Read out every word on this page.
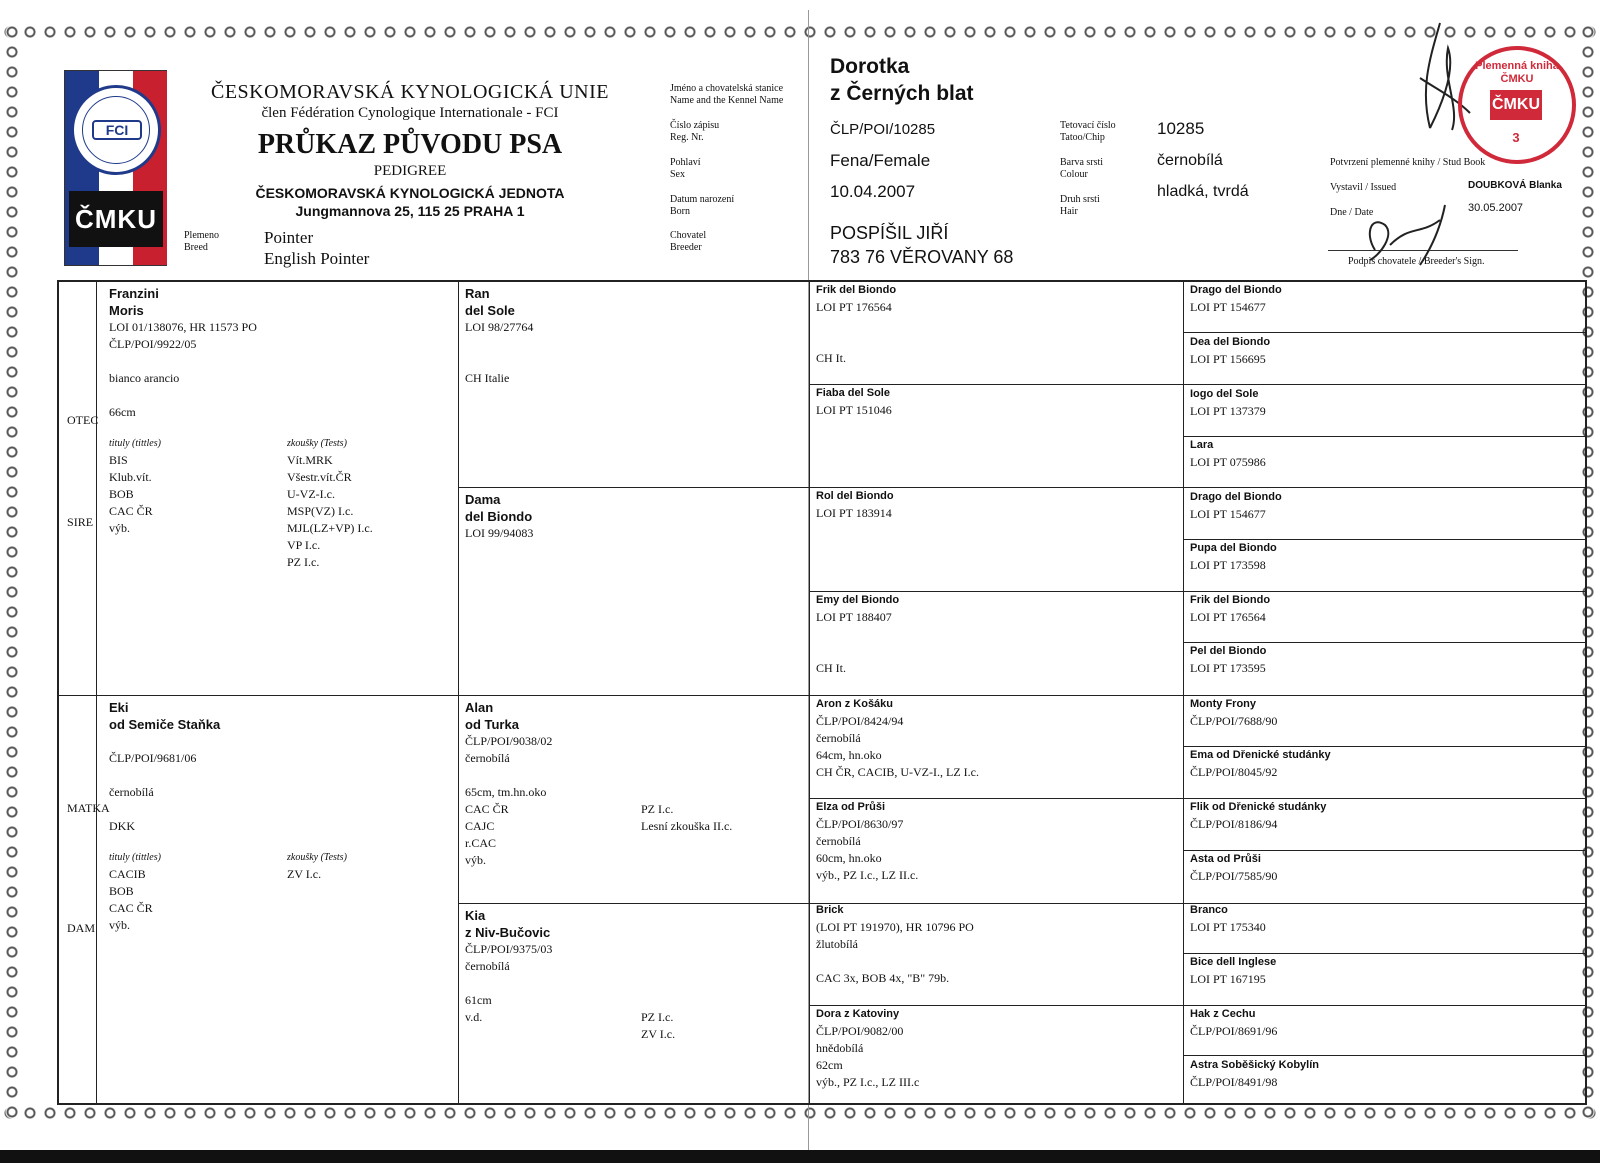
FCI
ČMKU
ČESKOMORAVSKÁ KYNOLOGICKÁ UNIE
člen Fédération Cynologique Internationale - FCI
PRŮKAZ PŮVODU PSA
PEDIGREE
ČESKOMORAVSKÁ KYNOLOGICKÁ JEDNOTA
Jungmannova 25, 115 25 PRAHA 1
Plemeno
Breed
Pointer
English Pointer
Jméno a chovatelská stanice
Name and the Kennel Name
Číslo zápisu
Reg. Nr.
Pohlaví
Sex
Datum narození
Born
Chovatel
Breeder
Dorotka
z Černých blat
ČLP/POI/10285
Fena/Female
10.04.2007
POSPÍŠIL JIŘÍ
783 76 VĚROVANY 68
Tetovací číslo
Tatoo/Chip
Barva srsti
Colour
Druh srsti
Hair
10285
černobílá
hladká, tvrdá
Potvrzení plemenné knihy / Stud Book
Vystavil / Issued	DOUBKOVÁ Blanka
Dne / Date	30.05.2007
Podpis chovatele / Breeder's Sign.
Plemenná kniha ČMKU
ČMKU
3
OTEC
SIRE
MATKA
DAM
Franzini
Moris
LOI 01/138076, HR 11573 PO
ČLP/POI/9922/05
bianco arancio
66cm
tituly (tittles)
BIS
Klub.vít.
BOB
CAC ČR
výb.
zkoušky (Tests)
Vít.MRK
Všestr.vít.ČR
U-VZ-I.c.
MSP(VZ) I.c.
MJL(LZ+VP) I.c.
VP I.c.
PZ I.c.
Eki
od Semiče Staňka
ČLP/POI/9681/06
černobílá
DKK
tituly (tittles)
CACIB
BOB
CAC ČR
výb.
zkoušky (Tests)
ZV I.c.
Ran
del Sole
LOI 98/27764
CH Italie
Dama
del Biondo
LOI 99/94083
Alan
od Turka
ČLP/POI/9038/02
černobílá
65cm, tm.hn.oko
CAC ČR
CAJC
r.CAC
výb.
PZ I.c.
Lesní zkouška II.c.
Kia
z Niv-Bučovic
ČLP/POI/9375/03
černobílá
61cm
v.d.	PZ I.c.
ZV I.c.
Frik del Biondo
LOI PT 176564
CH It.
Fiaba del Sole
LOI PT 151046
Rol del Biondo
LOI PT 183914
Emy del Biondo
LOI PT 188407
CH It.
Aron z Košáku
ČLP/POI/8424/94
černobílá
64cm, hn.oko
CH ČR, CACIB, U-VZ-I., LZ I.c.
Elza od Průši
ČLP/POI/8630/97
černobílá
60cm, hn.oko
výb., PZ I.c., LZ II.c.
Brick
(LOI PT 191970), HR 10796 PO
žlutobílá
CAC 3x, BOB 4x, "B" 79b.
Dora z Katoviny
ČLP/POI/9082/00
hnědobílá
62cm
výb., PZ I.c., LZ III.c
Drago del Biondo
LOI PT 154677
Dea del Biondo
LOI PT 156695
Iogo del Sole
LOI PT 137379
Lara
LOI PT 075986
Drago del Biondo
LOI PT 154677
Pupa del Biondo
LOI PT 173598
Frik del Biondo
LOI PT 176564
Pel del Biondo
LOI PT 173595
Monty Frony
ČLP/POI/7688/90
Ema od Dřenické studánky
ČLP/POI/8045/92
Flik od Dřenické studánky
ČLP/POI/8186/94
Asta od Průši
ČLP/POI/7585/90
Branco
LOI PT 175340
Bice dell Inglese
LOI PT 167195
Hak z Cechu
ČLP/POI/8691/96
Astra Soběšický Kobylín
ČLP/POI/8491/98
